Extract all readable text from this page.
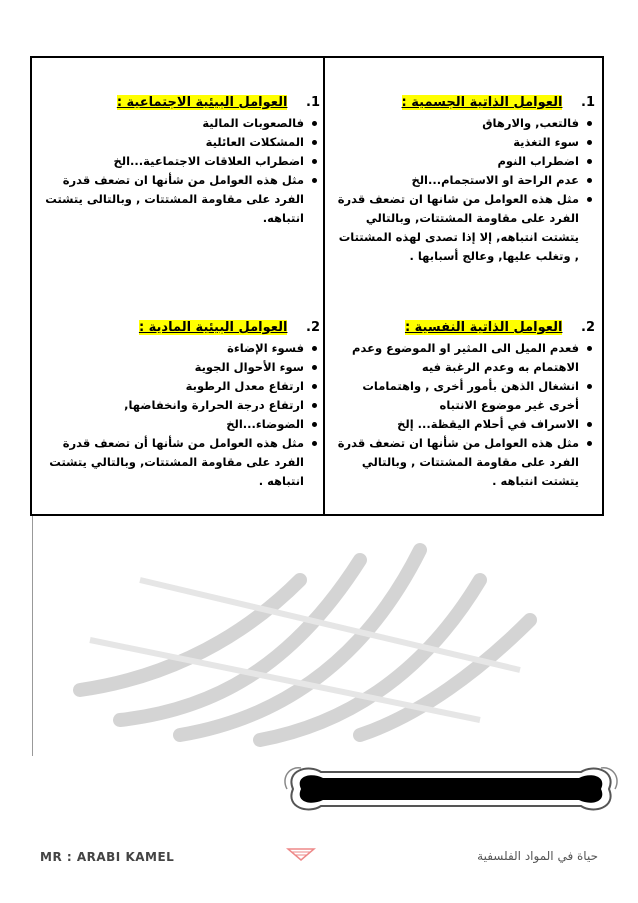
1. العوامل الذاتية الجسمية :
فالتعب, والارهاق
سوء التغذية
اضطراب النوم
عدم الراحة او الاستجمام...الخ
مثل هذه العوامل من شانها ان تضعف قدرة الفرد على مقاومة المشتتات, وبالتالي يتشتت انتباهه, إلا إذا تصدى لهذه المشتتات , وتغلب عليها, وعالج أسبابها .
1. العوامل البيئية الاجتماعية :
فالصعوبات المالية
المشكلات العائلية
اضطراب العلاقات الاجتماعية...الخ
مثل هذه العوامل من شأنها ان تضعف قدرة الفرد على مقاومة المشتتات , وبالتالى يتشتت انتباهه.
2. العوامل الذاتية النفسية :
فعدم الميل الى المثير او الموضوع وعدم الاهتمام به وعدم الرغبة فيه
انشغال الذهن بأمور أخرى , واهتمامات أخرى غير موضوع الانتباه
الاسراف في أحلام اليقظة... إلخ
مثل هذه العوامل من شأنها ان تضعف قدرة الفرد على مقاومة المشتتات , وبالتالي يتشتت انتباهه .
2. العوامل البيئية المادية :
فسوء الإضاءة
سوء الأحوال الجوية
ارتفاع معدل الرطوبة
ارتفاع درجة الحرارة وانخفاضها,
الضوضاء...الخ
مثل هذه العوامل من شأنها أن تضعف قدرة الفرد على مقاومة المشتتات, وبالتالي يتشتت انتباهه .
MR : ARABI KAMEL	حياة في المواد الفلسفية
